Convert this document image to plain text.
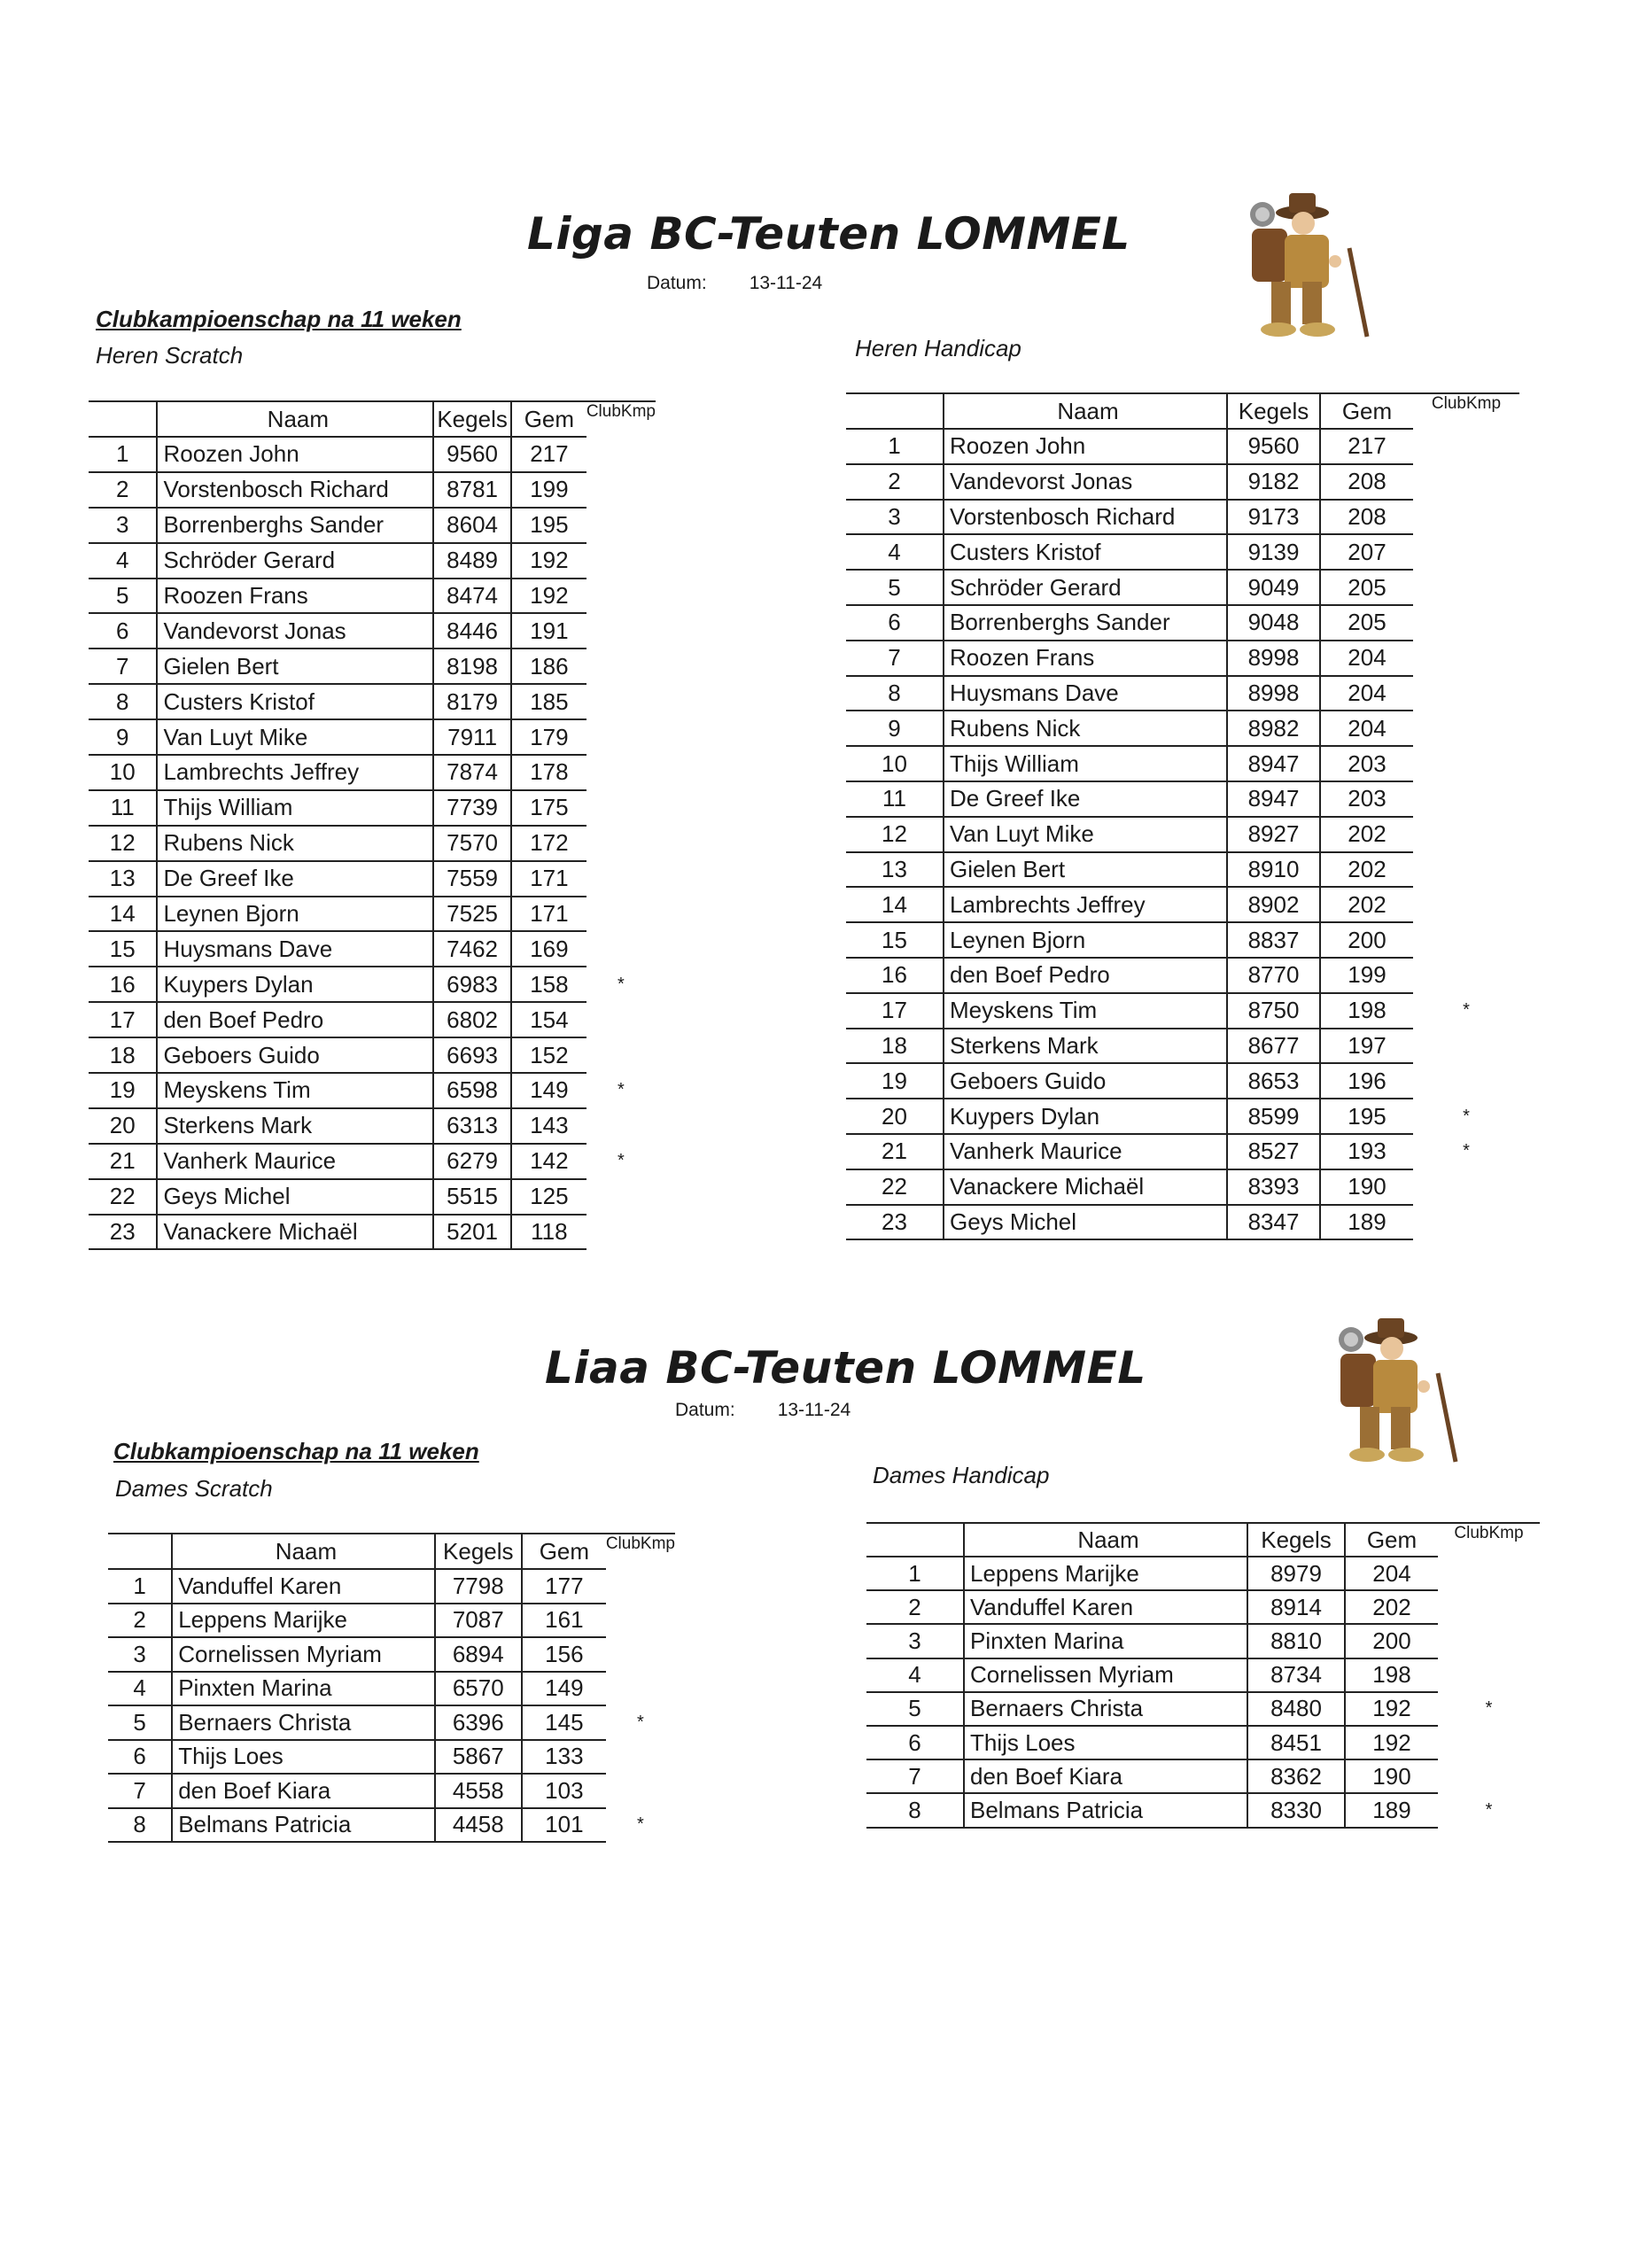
Liga BC-Teuten LOMMEL
Datum: 13-11-24
Clubkampioenschap na 11 weken
Heren Scratch	Heren Handicap
	Naam	Kegels	Gem	ClubKmp
1	Roozen John	9560	217	
2	Vorstenbosch Richard	8781	199	
3	Borrenberghs Sander	8604	195	
4	Schröder Gerard	8489	192	
5	Roozen Frans	8474	192	
6	Vandevorst Jonas	8446	191	
7	Gielen Bert	8198	186	
8	Custers Kristof	8179	185	
9	Van Luyt Mike	7911	179	
10	Lambrechts Jeffrey	7874	178	
11	Thijs William	7739	175	
12	Rubens Nick	7570	172	
13	De Greef Ike	7559	171	
14	Leynen Bjorn	7525	171	
15	Huysmans Dave	7462	169	
16	Kuypers Dylan	6983	158	*
17	den Boef Pedro	6802	154	
18	Geboers Guido	6693	152	
19	Meyskens Tim	6598	149	*
20	Sterkens Mark	6313	143	
21	Vanherk Maurice	6279	142	*
22	Geys Michel	5515	125	
23	Vanackere Michaël	5201	118	
	Naam	Kegels	Gem	ClubKmp
1	Roozen John	9560	217	
2	Vandevorst Jonas	9182	208	
3	Vorstenbosch Richard	9173	208	
4	Custers Kristof	9139	207	
5	Schröder Gerard	9049	205	
6	Borrenberghs Sander	9048	205	
7	Roozen Frans	8998	204	
8	Huysmans Dave	8998	204	
9	Rubens Nick	8982	204	
10	Thijs William	8947	203	
11	De Greef Ike	8947	203	
12	Van Luyt Mike	8927	202	
13	Gielen Bert	8910	202	
14	Lambrechts Jeffrey	8902	202	
15	Leynen Bjorn	8837	200	
16	den Boef Pedro	8770	199	
17	Meyskens Tim	8750	198	*
18	Sterkens Mark	8677	197	
19	Geboers Guido	8653	196	
20	Kuypers Dylan	8599	195	*
21	Vanherk Maurice	8527	193	*
22	Vanackere Michaël	8393	190	
23	Geys Michel	8347	189	
Liaa BC-Teuten LOMMEL
Datum: 13-11-24
Clubkampioenschap na 11 weken
Dames Scratch	Dames Handicap
	Naam	Kegels	Gem	ClubKmp
1	Vanduffel Karen	7798	177	
2	Leppens Marijke	7087	161	
3	Cornelissen Myriam	6894	156	
4	Pinxten Marina	6570	149	
5	Bernaers Christa	6396	145	*
6	Thijs Loes	5867	133	
7	den Boef Kiara	4558	103	
8	Belmans Patricia	4458	101	*
	Naam	Kegels	Gem	ClubKmp
1	Leppens Marijke	8979	204	
2	Vanduffel Karen	8914	202	
3	Pinxten Marina	8810	200	
4	Cornelissen Myriam	8734	198	
5	Bernaers Christa	8480	192	*
6	Thijs Loes	8451	192	
7	den Boef Kiara	8362	190	
8	Belmans Patricia	8330	189	*
